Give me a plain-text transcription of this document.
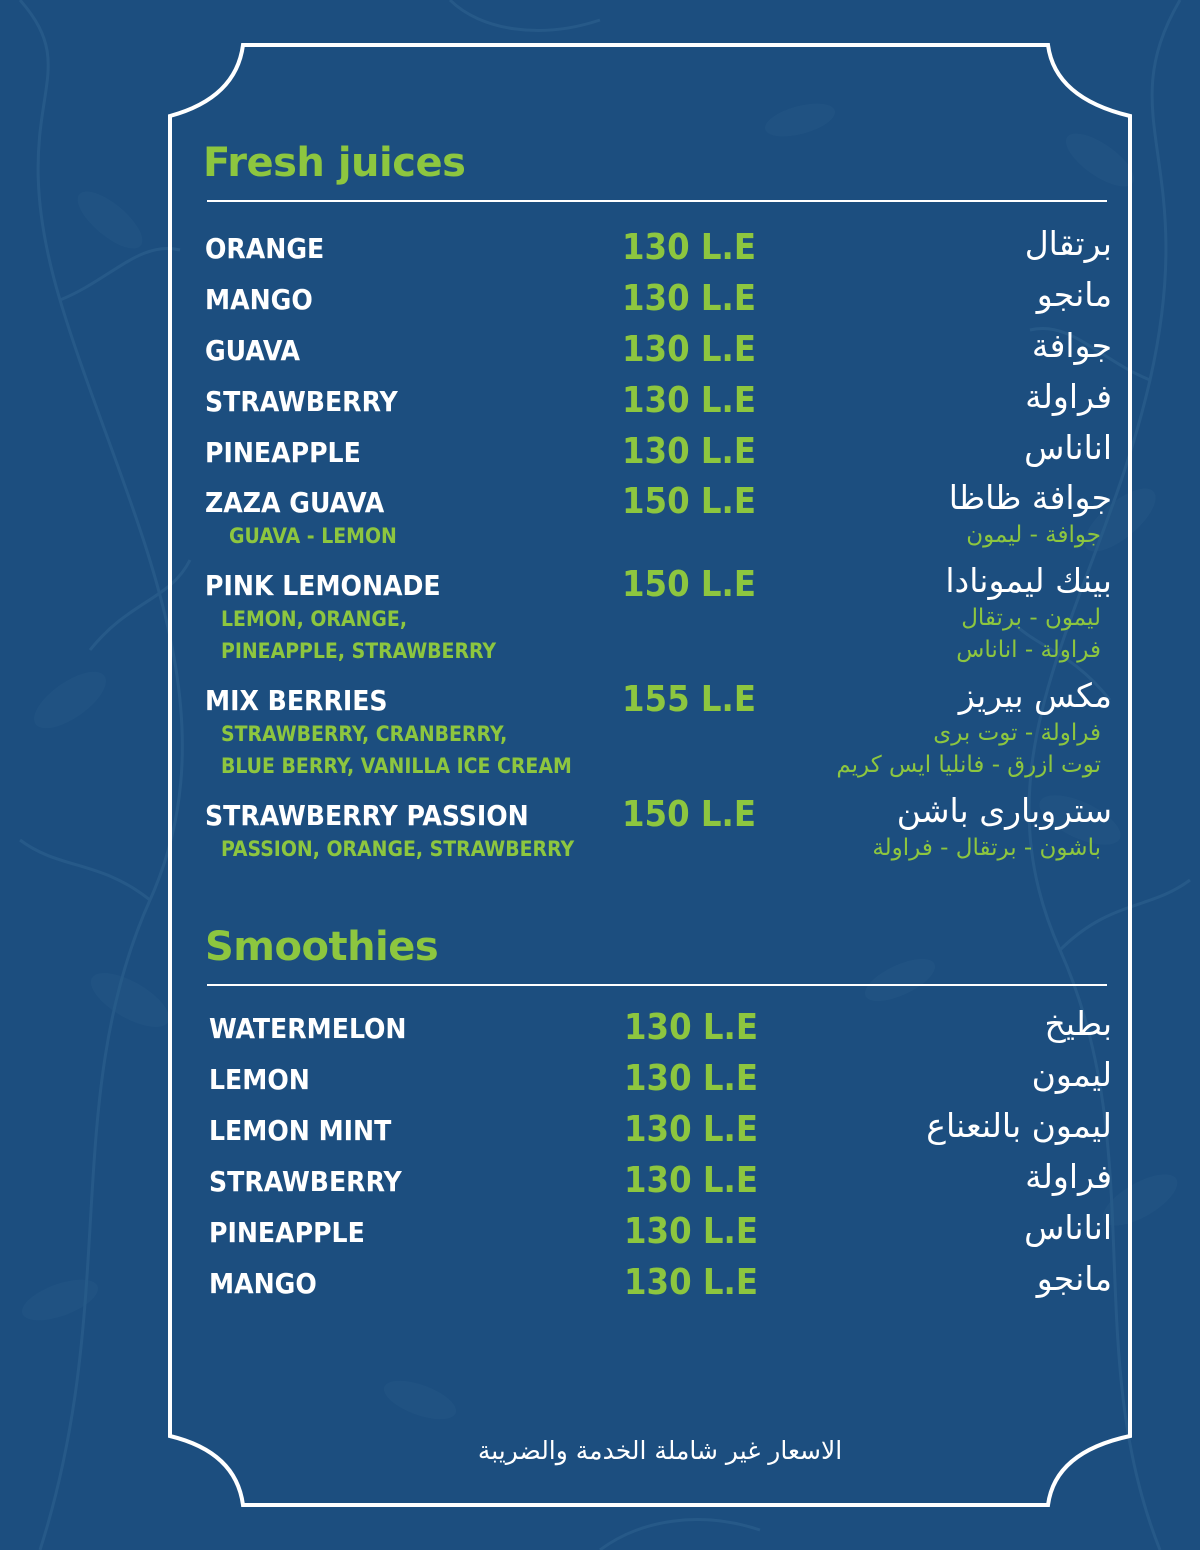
Fresh juices
ORANGE	130 L.E	برتقال
MANGO	130 L.E	مانجو
GUAVA	130 L.E	جوافة
STRAWBERRY	130 L.E	فراولة
PINEAPPLE	130 L.E	اناناس
ZAZA GUAVA	150 L.E	جوافة ظاظا
GUAVA - LEMON	جوافة - ليمون
PINK LEMONADE	150 L.E	بينك ليمونادا
LEMON, ORANGE,
PINEAPPLE, STRAWBERRY
ليمون - برتقال
فراولة - اناناس
MIX BERRIES	155 L.E	مكس بيريز
STRAWBERRY, CRANBERRY,
BLUE BERRY, VANILLA ICE CREAM
فراولة - توت برى
توت ازرق - فانليا ايس كريم
STRAWBERRY PASSION	150 L.E	ستروبارى باشن
PASSION, ORANGE, STRAWBERRY	باشون - برتقال - فراولة
Smoothies
WATERMELON	130 L.E	بطيخ
LEMON	130 L.E	ليمون
LEMON MINT	130 L.E	ليمون بالنعناع
STRAWBERRY	130 L.E	فراولة
PINEAPPLE	130 L.E	اناناس
MANGO	130 L.E	مانجو
الاسعار غير شاملة الخدمة والضريبة
